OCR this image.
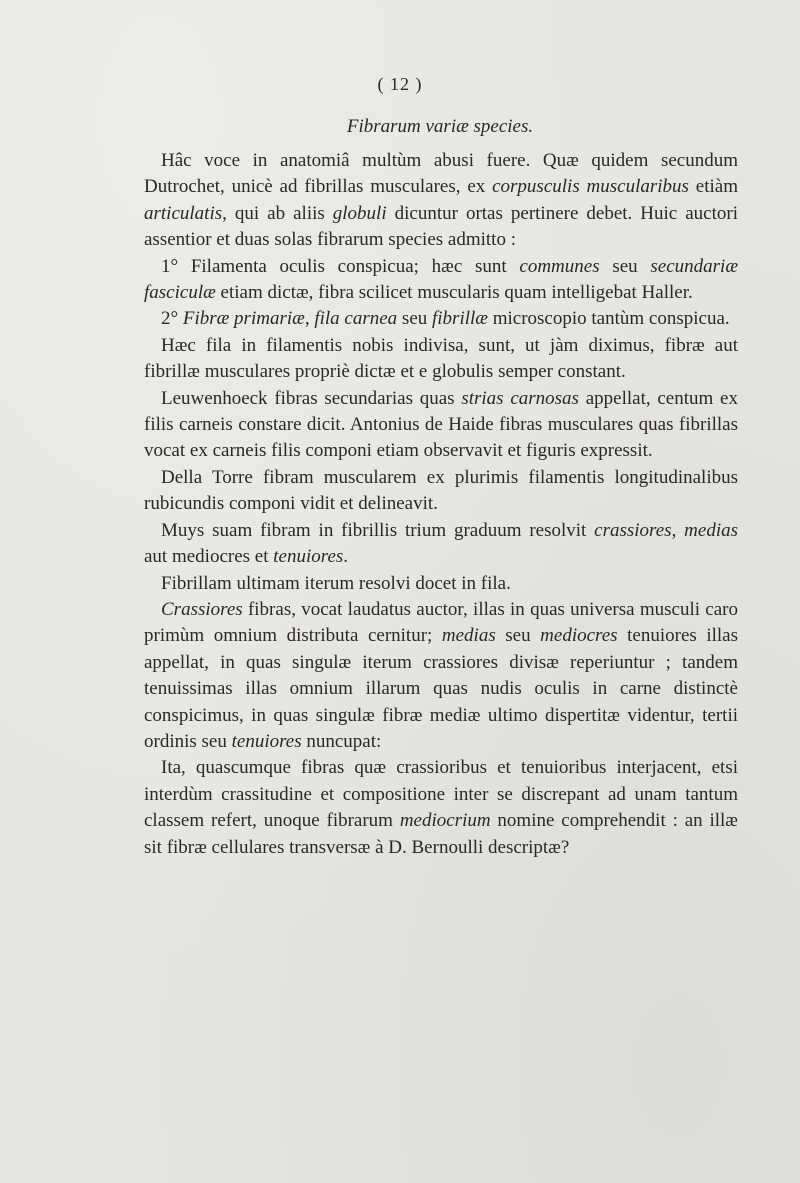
( 12 )
Fibrarum variæ species.

Hâc voce in anatomiâ multùm abusi fuere. Quæ quidem secundum Dutrochet, unicè ad fibrillas musculares, ex corpusculis muscularibus etiàm articulatis, qui ab aliis globuli dicuntur ortas pertinere debet. Huic auctori assentior et duas solas fibrarum species admitto :

1° Filamenta oculis conspicua; hæc sunt communes seu secundariæ fasciculæ etiam dictæ, fibra scilicet muscularis quam intelligebat Haller.

2° Fibræ primariæ, fila carnea seu fibrillæ microscopio tantùm conspicua.

Hæc fila in filamentis nobis indivisa, sunt, ut jàm diximus, fibræ aut fibrillæ musculares propriè dictæ et e globulis semper constant.

Leuwenhoeck fibras secundarias quas strias carnosas appellat, centum ex filis carneis constare dicit. Antonius de Haide fibras musculares quas fibrillas vocat ex carneis filis componi etiam observavit et figuris expressit.

Della Torre fibram muscularem ex plurimis filamentis longitudinalibus rubicundis componi vidit et delineavit.

Muys suam fibram in fibrillis trium graduum resolvit crassiores, medias aut mediocres et tenuiores.

Fibrillam ultimam iterum resolvi docet in fila.

Crassiores fibras, vocat laudatus auctor, illas in quas universa musculi caro primùm omnium distributa cernitur; medias seu mediocres tenuiores illas appellat, in quas singulæ iterum crassiores divisæ reperiuntur ; tandem tenuissimas illas omnium illarum quas nudis oculis in carne distinctè conspicimus, in quas singulæ fibræ mediæ ultimo dispertitæ videntur, tertii ordinis seu tenuiores nuncupat:

Ita, quascumque fibras quæ crassioribus et tenuioribus interjacent, etsi interdùm crassitudine et compositione inter se discrepant ad unam tantum classem refert, unoque fibrarum mediocrium nomine comprehendit : an illæ sit fibræ cellulares transversæ à D. Bernoulli descriptæ?
